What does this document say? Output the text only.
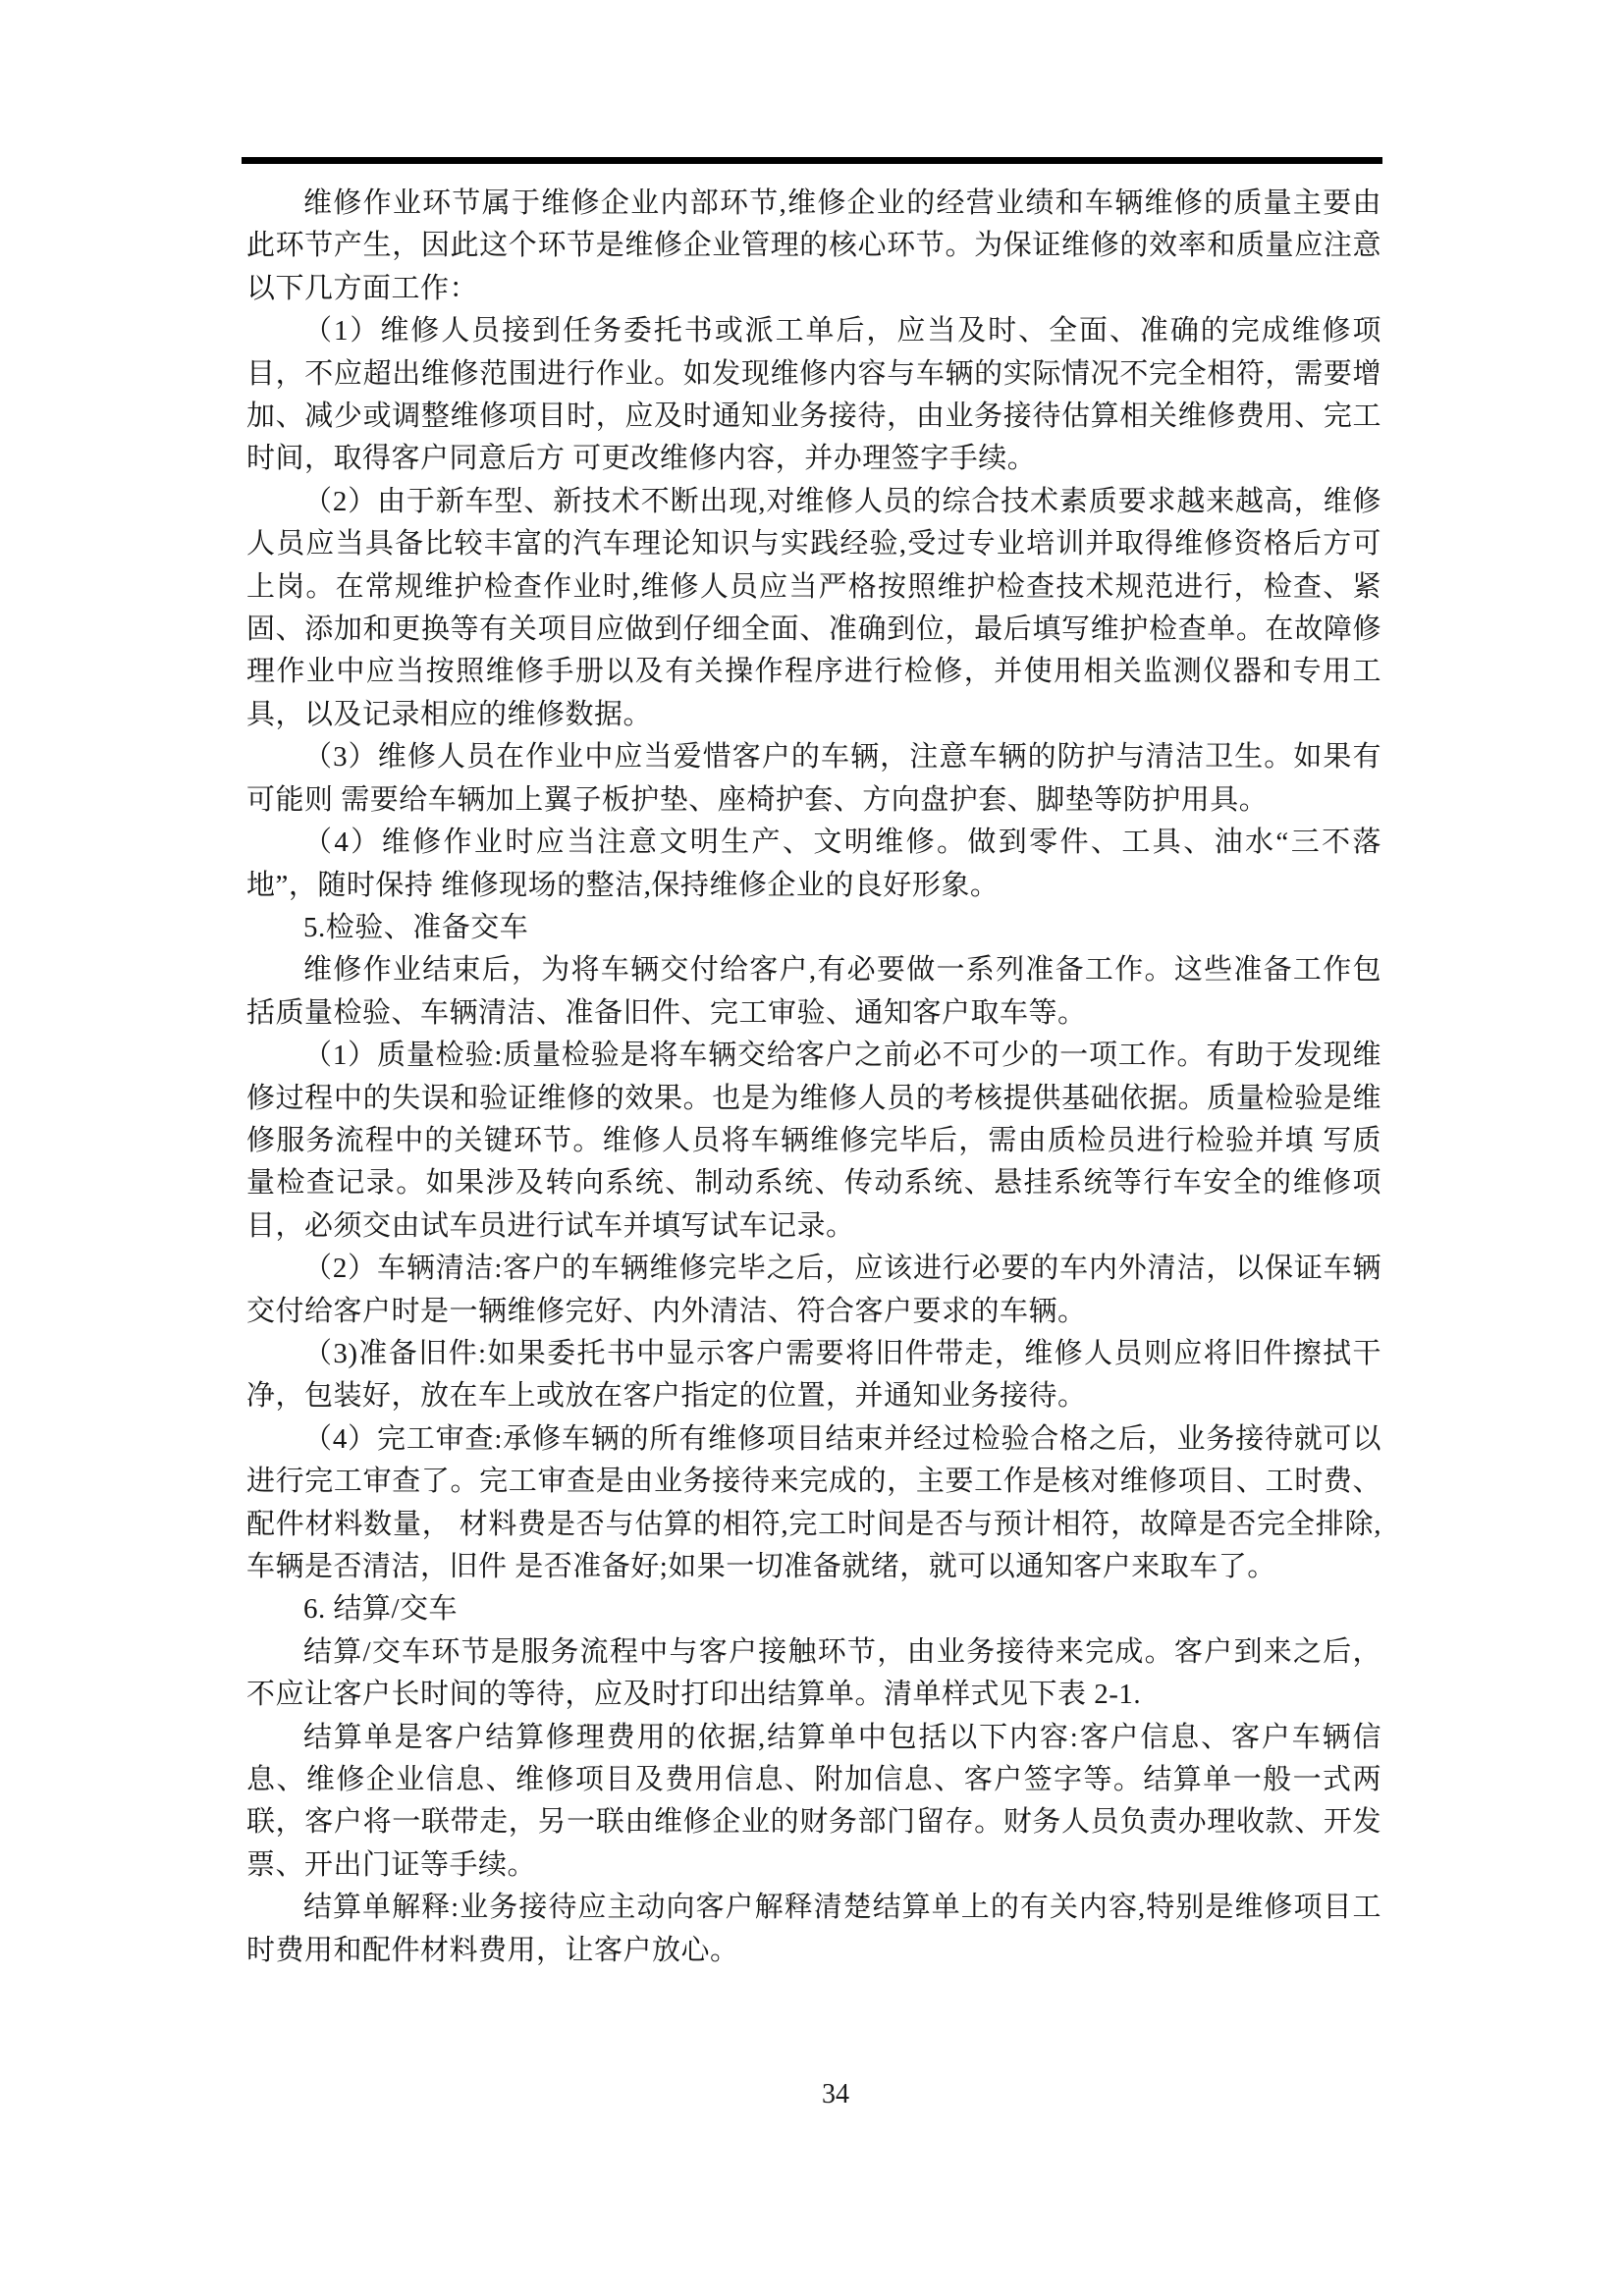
维修作业环节属于维修企业内部环节,维修企业的经营业绩和车辆维修的质量主要由此环节产生，因此这个环节是维修企业管理的核心环节。为保证维修的效率和质量应注意以下几方面工作：

（1）维修人员接到任务委托书或派工单后，应当及时、全面、准确的完成维修项目，不应超出维修范围进行作业。如发现维修内容与车辆的实际情况不完全相符，需要增加、减少或调整维修项目时，应及时通知业务接待，由业务接待估算相关维修费用、完工时间，取得客户同意后方 可更改维修内容，并办理签字手续。

（2）由于新车型、新技术不断出现,对维修人员的综合技术素质要求越来越高，维修人员应当具备比较丰富的汽车理论知识与实践经验,受过专业培训并取得维修资格后方可上岗。在常规维护检查作业时,维修人员应当严格按照维护检查技术规范进行，检查、紧固、添加和更换等有关项目应做到仔细全面、准确到位，最后填写维护检查单。在故障修理作业中应当按照维修手册以及有关操作程序进行检修，并使用相关监测仪器和专用工具，以及记录相应的维修数据。

（3）维修人员在作业中应当爱惜客户的车辆，注意车辆的防护与清洁卫生。如果有可能则 需要给车辆加上翼子板护垫、座椅护套、方向盘护套、脚垫等防护用具。

（4）维修作业时应当注意文明生产、文明维修。做到零件、工具、油水“三不落地”，随时保持 维修现场的整洁,保持维修企业的良好形象。

5.检验、准备交车

维修作业结束后，为将车辆交付给客户,有必要做一系列准备工作。这些准备工作包括质量检验、车辆清洁、准备旧件、完工审验、通知客户取车等。

（1）质量检验:质量检验是将车辆交给客户之前必不可少的一项工作。有助于发现维修过程中的失误和验证维修的效果。也是为维修人员的考核提供基础依据。质量检验是维修服务流程中的关键环节。维修人员将车辆维修完毕后，需由质检员进行检验并填 写质量检查记录。如果涉及转向系统、制动系统、传动系统、悬挂系统等行车安全的维修项目，必须交由试车员进行试车并填写试车记录。

（2）车辆清洁:客户的车辆维修完毕之后，应该进行必要的车内外清洁，以保证车辆交付给客户时是一辆维修完好、内外清洁、符合客户要求的车辆。

（3)准备旧件:如果委托书中显示客户需要将旧件带走，维修人员则应将旧件擦拭干净，包装好，放在车上或放在客户指定的位置，并通知业务接待。

（4）完工审查:承修车辆的所有维修项目结束并经过检验合格之后，业务接待就可以进行完工审查了。完工审查是由业务接待来完成的，主要工作是核对维修项目、工时费、配件材料数量， 材料费是否与估算的相符,完工时间是否与预计相符，故障是否完全排除,车辆是否清洁，旧件 是否准备好;如果一切准备就绪，就可以通知客户来取车了。

6. 结算/交车

结算/交车环节是服务流程中与客户接触环节，由业务接待来完成。客户到来之后，不应让客户长时间的等待，应及时打印出结算单。清单样式见下表 2-1.

结算单是客户结算修理费用的依据,结算单中包括以下内容:客户信息、客户车辆信息、维修企业信息、维修项目及费用信息、附加信息、客户签字等。结算单一般一式两联，客户将一联带走，另一联由维修企业的财务部门留存。财务人员负责办理收款、开发票、开出门证等手续。

结算单解释:业务接待应主动向客户解释清楚结算单上的有关内容,特别是维修项目工时费用和配件材料费用，让客户放心。

34
